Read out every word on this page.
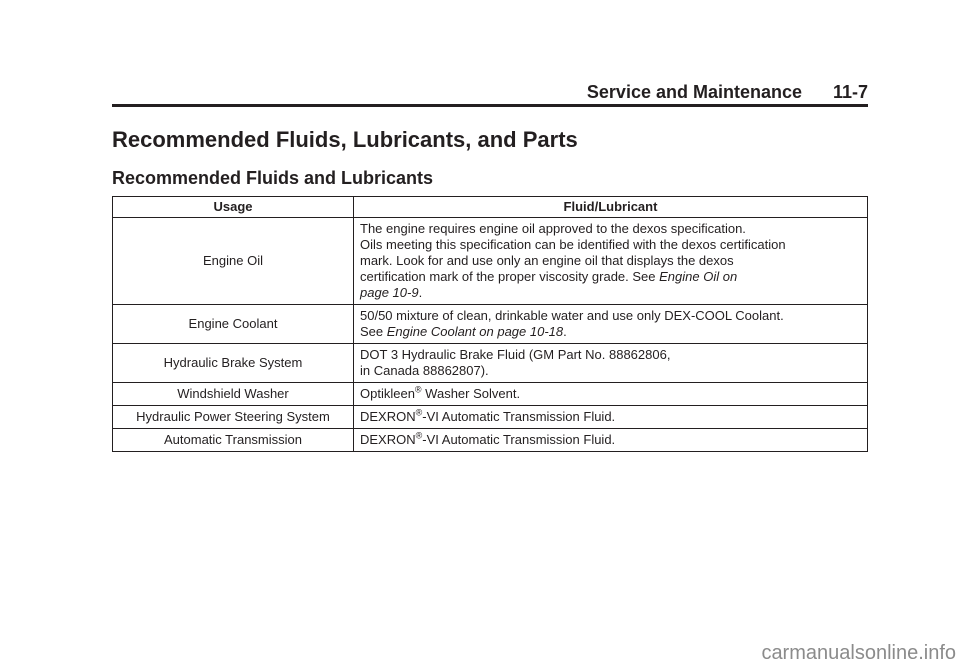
Service and Maintenance 11-7
Recommended Fluids, Lubricants, and Parts
Recommended Fluids and Lubricants
Usage	Fluid/Lubricant
Engine Oil	The engine requires engine oil approved to the dexos specification.
Oils meeting this specification can be identified with the dexos certification
mark. Look for and use only an engine oil that displays the dexos
certification mark of the proper viscosity grade. See Engine Oil on
page 10-9.
Engine Coolant	50/50 mixture of clean, drinkable water and use only DEX-COOL Coolant.
See Engine Coolant on page 10-18.
Hydraulic Brake System	DOT 3 Hydraulic Brake Fluid (GM Part No. 88862806,
in Canada 88862807).
Windshield Washer	Optikleen® Washer Solvent.
Hydraulic Power Steering System	DEXRON®-VI Automatic Transmission Fluid.
Automatic Transmission	DEXRON®-VI Automatic Transmission Fluid.
carmanualsonline.info
